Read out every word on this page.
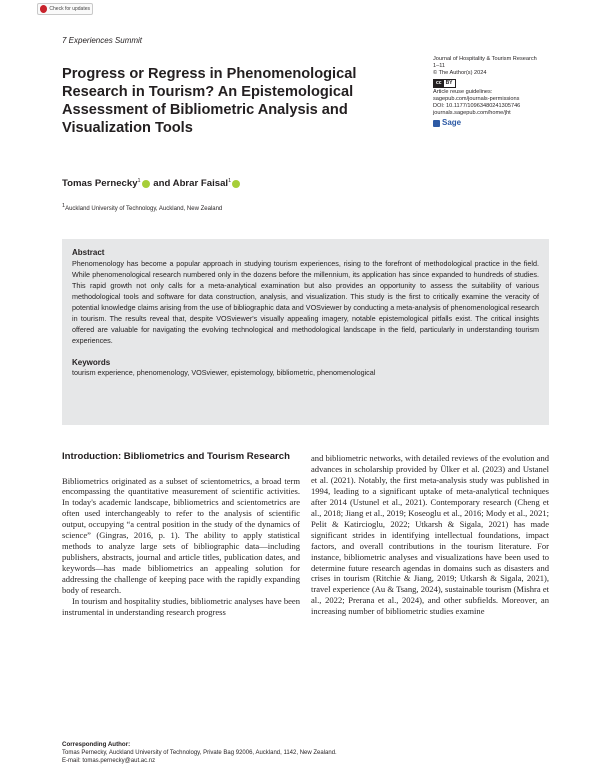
Check for updates
7 Experiences Summit
Progress or Regress in Phenomenological Research in Tourism? An Epistemological Assessment of Bibliometric Analysis and Visualization Tools
Journal of Hospitality & Tourism Research
1–11
© The Author(s) 2024
cc BY
Article reuse guidelines:
sagepub.com/journals-permissions
DOI: 10.1177/10963480241305746
journals.sagepub.com/home/jht
Sage
Tomas Pernecky$^1$ and Abrar Faisal$^1$
1Auckland University of Technology, Auckland, New Zealand
Abstract
Phenomenology has become a popular approach in studying tourism experiences, rising to the forefront of methodological practice in the field. While phenomenological research numbered only in the dozens before the millennium, its application has since expanded to hundreds of studies. This rapid growth not only calls for a meta-analytical examination but also provides an opportunity to assess the suitability of various methodological tools and software for data construction, analysis, and visualization. This study is the first to critically examine the veracity of potential knowledge claims arising from the use of bibliographic data and VOSviewer by conducting a meta-analysis of phenomenological research in tourism. The results reveal that, despite VOSviewer's visually appealing imagery, notable epistemological pitfalls exist. The critical insights offered are valuable for navigating the evolving technological and methodological landscape in the field, particularly in understanding tourism experiences.
Keywords
tourism experience, phenomenology, VOSviewer, epistemology, bibliometric, phenomenological
Introduction: Bibliometrics and Tourism Research

Bibliometrics originated as a subset of scientometrics, a broad term encompassing the quantitative measurement of scientific activities. In today's academic landscape, bibliometrics and scientometrics are often used interchangeably to refer to the analysis of scientific output, occupying “a central position in the study of the dynamics of science” (Gingras, 2016, p. 1). The ability to apply statistical methods to analyze large sets of bibliographic data—including publishers, abstracts, journal and article titles, publication dates, and keywords—has made bibliometrics an appealing solution for addressing the challenge of keeping pace with the rapidly expanding body of research.

In tourism and hospitality studies, bibliometric analyses have been instrumental in understanding research progress

and bibliometric networks, with detailed reviews of the evolution and advances in scholarship provided by Ülker et al. (2023) and Ustanel et al. (2021). Notably, the first meta-analysis study was published in 1994, leading to a significant uptake of meta-analytical techniques after 2014 (Ustunel et al., 2021). Contemporary research (Cheng et al., 2018; Jiang et al., 2019; Koseoglu et al., 2016; Mody et al., 2021; Pelit & Katircioglu, 2022; Utkarsh & Sigala, 2021) has made significant strides in identifying intellectual foundations, impact factors, and overall contributions in the tourism literature. For instance, bibliometric analyses and visualizations have been used to determine future research agendas in domains such as disasters and crises in tourism (Ritchie & Jiang, 2019; Utkarsh & Sigala, 2021), travel experience (Au & Tsang, 2024), sustainable tourism (Mishra et al., 2022; Prerana et al., 2024), and other subfields. Moreover, an increasing number of bibliometric studies examine

Corresponding Author:
Tomas Pernecky, Auckland University of Technology, Private Bag 92006, Auckland, 1142, New Zealand.
E-mail: tomas.pernecky@aut.ac.nz
